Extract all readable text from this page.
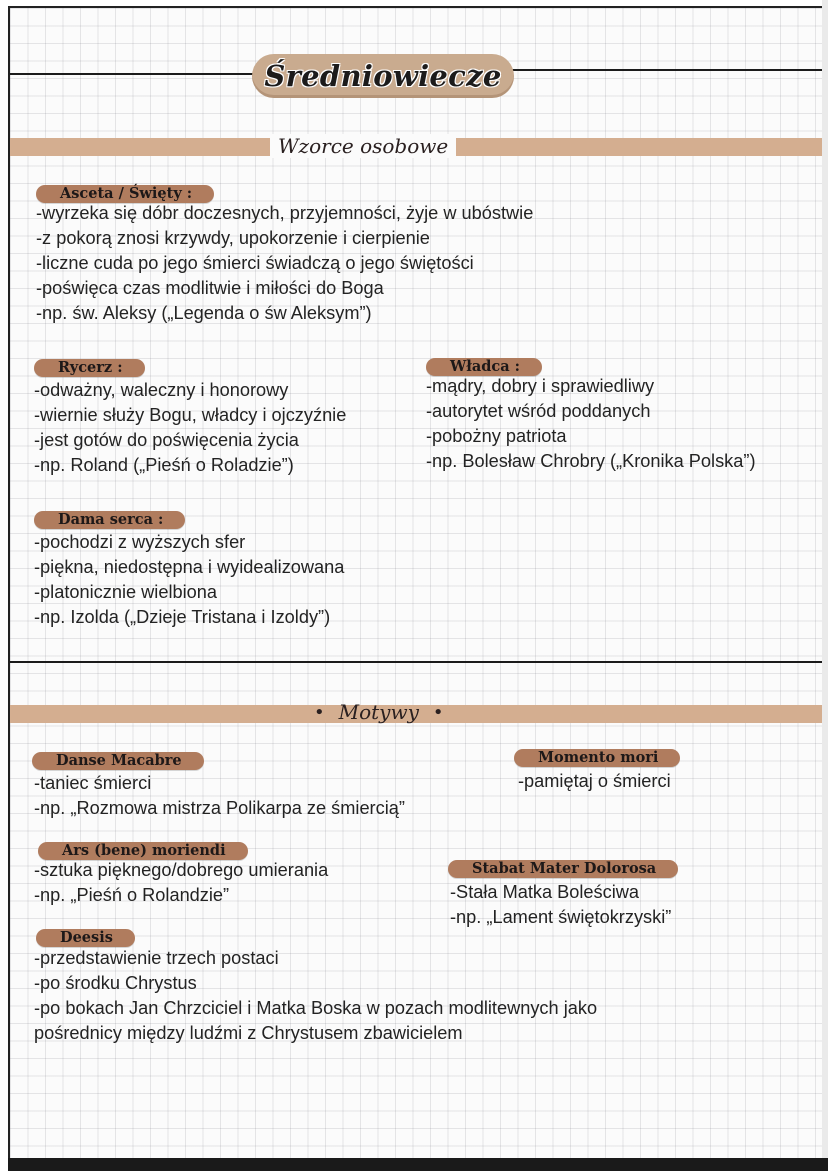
Średniowiecze
Wzorce osobowe
Asceta / Święty :

-wyrzeka się dóbr doczesnych, przyjemności, żyje w ubóstwie

-z pokorą znosi krzywdy, upokorzenie i cierpienie

-liczne cuda po jego śmierci świadczą o jego świętości

-poświęca czas modlitwie i miłości do Boga

-np. św. Aleksy („Legenda o św Aleksym”)

Rycerz :

-odważny, waleczny i honorowy

-wiernie służy Bogu, władcy i ojczyźnie

-jest gotów do poświęcenia życia

-np. Roland („Pieśń o Roladzie”)

Władca :

-mądry, dobry i sprawiedliwy

-autorytet wśród poddanych

-pobożny patriota

-np. Bolesław Chrobry („Kronika Polska”)

Dama serca :

-pochodzi z wyższych sfer

-piękna, niedostępna i wyidealizowana

-platonicznie wielbiona

-np. Izolda („Dzieje Tristana i Izoldy”)

• Motywy •
Danse Macabre

-taniec śmierci

-np. „Rozmowa mistrza Polikarpa ze śmiercią”

Momento mori

-pamiętaj o śmierci

Ars (bene) moriendi

-sztuka pięknego/dobrego umierania

-np. „Pieśń o Rolandzie”

Stabat Mater Dolorosa

-Stała Matka Boleściwa

-np. „Lament świętokrzyski”

Deesis

-przedstawienie trzech postaci

-po środku Chrystus

-po bokach Jan Chrzciciel i Matka Boska w pozach modlitewnych jako

pośrednicy między ludźmi z Chrystusem zbawicielem
